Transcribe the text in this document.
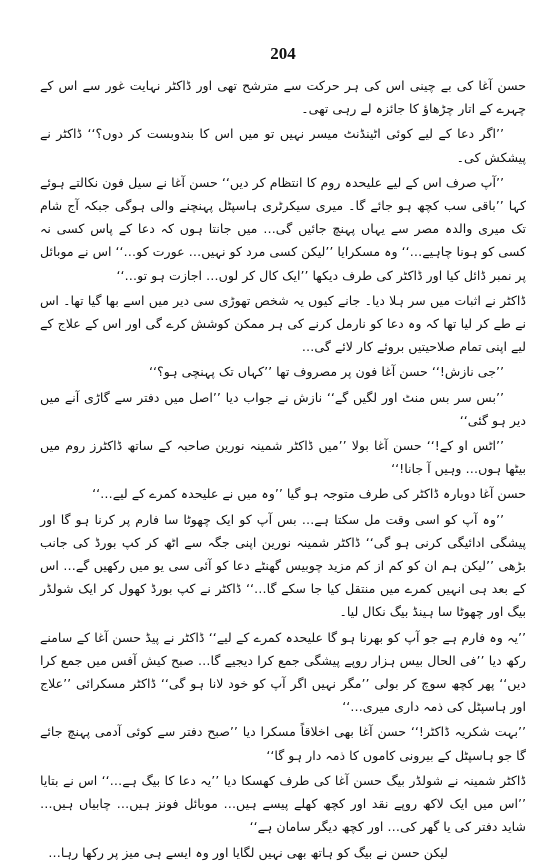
204

حسن آغا کی بے چینی اس کی ہر حرکت سے مترشح تھی اور ڈاکٹر نہایت غور سے اس کے چہرے کے اتار چڑھاؤ کا جائزہ لے رہی تھی۔

’’اگر دعا کے لیے کوئی اٹینڈنٹ میسر نہیں تو میں اس کا بندوبست کر دوں؟‘‘ ڈاکٹر نے پیشکش کی۔

’’آپ صرف اس کے لیے علیحدہ روم کا انتظام کر دیں‘‘ حسن آغا نے سیل فون نکالتے ہوئے کہا ’’باقی سب کچھ ہو جائے گا۔ میری سیکرٹری ہاسپٹل پہنچنے والی ہوگی جبکہ آج شام تک میری والدہ مصر سے یہاں پہنچ جائیں گی… میں جانتا ہوں کہ دعا کے پاس کسی نہ کسی کو ہونا چاہیے…‘‘ وہ مسکرایا ’’لیکن کسی مرد کو نہیں… عورت کو…‘‘ اس نے موبائل پر نمبر ڈائل کیا اور ڈاکٹر کی طرف دیکھا ’’ایک کال کر لوں… اجازت ہو تو…‘‘

ڈاکٹر نے اثبات میں سر ہلا دیا۔ جانے کیوں یہ شخص تھوڑی سی دیر میں اسے بھا گیا تھا۔ اس نے طے کر لیا تھا کہ وہ دعا کو نارمل کرنے کی ہر ممکن کوشش کرے گی اور اس کے علاج کے لیے اپنی تمام صلاحیتیں بروئے کار لائے گی…

’’جی نازش!‘‘ حسن آغا فون پر مصروف تھا ’’کہاں تک پہنچی ہو؟‘‘

’’بس سر بس منٹ اور لگیں گے‘‘ نازش نے جواب دیا ’’اصل میں دفتر سے گاڑی آنے میں دیر ہو گئی‘‘

’’اٹس او کے!‘‘ حسن آغا بولا ’’میں ڈاکٹر شمینہ نورین صاحبہ کے ساتھ ڈاکٹرز روم میں بیٹھا ہوں… وہیں آ جانا!‘‘

حسن آغا دوبارہ ڈاکٹر کی طرف متوجہ ہو گیا ’’وہ میں نے علیحدہ کمرے کے لیے…‘‘

’’وہ آپ کو اسی وقت مل سکتا ہے… بس آپ کو ایک چھوٹا سا فارم پر کرنا ہو گا اور پیشگی ادائیگی کرنی ہو گی‘‘ ڈاکٹر شمینہ نورین اپنی جگہ سے اٹھ کر کپ بورڈ کی جانب بڑھی ’’لیکن ہم ان کو کم از کم مزید چوبیس گھنٹے دعا کو آئی سی یو میں رکھیں گے… اس کے بعد ہی انہیں کمرے میں منتقل کیا جا سکے گا…‘‘ ڈاکٹر نے کپ بورڈ کھول کر ایک شولڈر بیگ اور چھوٹا سا ہینڈ بیگ نکال لیا۔

’’یہ وہ فارم ہے جو آپ کو بھرنا ہو گا علیحدہ کمرے کے لیے‘‘ ڈاکٹر نے پیڈ حسن آغا کے سامنے رکھ دیا ’’فی الحال بیس ہزار روپے پیشگی جمع کرا دیجیے گا… صبح کیش آفس میں جمع کرا دیں‘‘ پھر کچھ سوچ کر بولی ’’مگر نہیں اگر آپ کو خود لانا ہو گی‘‘ ڈاکٹر مسکرائی ’’علاج اور ہاسپٹل کی ذمہ داری میری…‘‘

’’بہت شکریہ ڈاکٹر!‘‘ حسن آغا بھی اخلاقاً مسکرا دیا ’’صبح دفتر سے کوئی آدمی پہنچ جائے گا جو ہاسپٹل کے بیرونی کاموں کا ذمہ دار ہو گا‘‘

ڈاکٹر شمینہ نے شولڈر بیگ حسن آغا کی طرف کھسکا دیا ’’یہ دعا کا بیگ ہے…‘‘ اس نے بتایا ’’اس میں ایک لاکھ روپے نقد اور کچھ کھلے پیسے ہیں… موبائل فونز ہیں… چابیاں ہیں… شاید دفتر کی یا گھر کی… اور کچھ دیگر سامان ہے‘‘

لیکن حسن نے بیگ کو ہاتھ بھی نہیں لگایا اور وہ ایسے ہی میز پر رکھا رہا…
